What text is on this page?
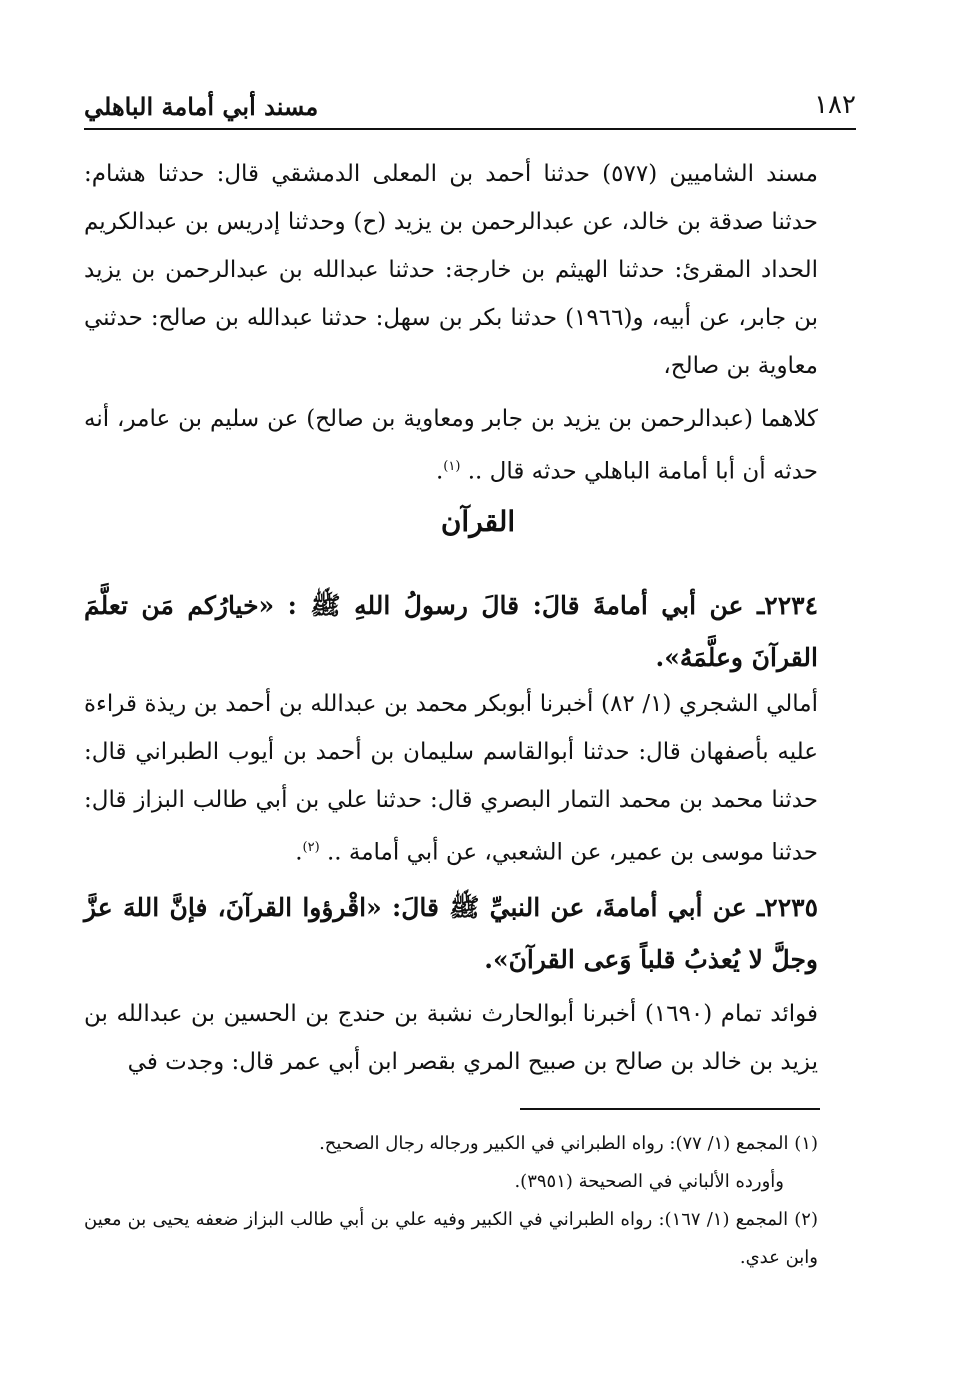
١٨٢
مسند أبي أمامة الباهلي
مسند الشاميين (٥٧٧) حدثنا أحمد بن المعلى الدمشقي قال: حدثنا هشام: حدثنا صدقة بن خالد، عن عبدالرحمن بن يزيد (ح) وحدثنا إدريس بن عبدالكريم الحداد المقرئ: حدثنا الهيثم بن خارجة: حدثنا عبدالله بن عبدالرحمن بن يزيد بن جابر، عن أبيه، و(١٩٦٦) حدثنا بكر بن سهل: حدثنا عبدالله بن صالح: حدثني معاوية بن صالح،
كلاهما (عبدالرحمن بن يزيد بن جابر ومعاوية بن صالح) عن سليم بن عامر، أنه حدثه أن أبا أمامة الباهلي حدثه قال .. $^{(١)}$.
القرآن
٢٢٣٤ـ عن أبي أمامةَ قالَ: قالَ رسولُ اللهِ ﷺ : «خيارُكم مَن تعلَّمَ القرآنَ وعلَّمَهُ».
أمالي الشجري (١/ ٨٢) أخبرنا أبوبكر محمد بن عبدالله بن أحمد بن ريذة قراءة عليه بأصفهان قال: حدثنا أبوالقاسم سليمان بن أحمد بن أيوب الطبراني قال: حدثنا محمد بن محمد التمار البصري قال: حدثنا علي بن أبي طالب البزاز قال: حدثنا موسى بن عمير، عن الشعبي، عن أبي أمامة .. $^{(٢)}$.
٢٢٣٥ـ عن أبي أمامةَ، عن النبيِّ ﷺ قالَ: «اقْرؤوا القرآنَ، فإنَّ اللهَ عزَّ وجلَّ لا يُعذبُ قلباً وَعى القرآنَ».
فوائد تمام (١٦٩٠) أخبرنا أبوالحارث نشبة بن حندج بن الحسين بن عبدالله بن يزيد بن خالد بن صالح بن صبيح المري بقصر ابن أبي عمر قال: وجدت في

(١) المجمع (١/ ٧٧): رواه الطبراني في الكبير ورجاله رجال الصحيح.

وأورده الألباني في الصحيحة (٣٩٥١).

(٢) المجمع (١/ ١٦٧): رواه الطبراني في الكبير وفيه علي بن أبي طالب البزاز ضعفه يحيى بن معين وابن عدي.
